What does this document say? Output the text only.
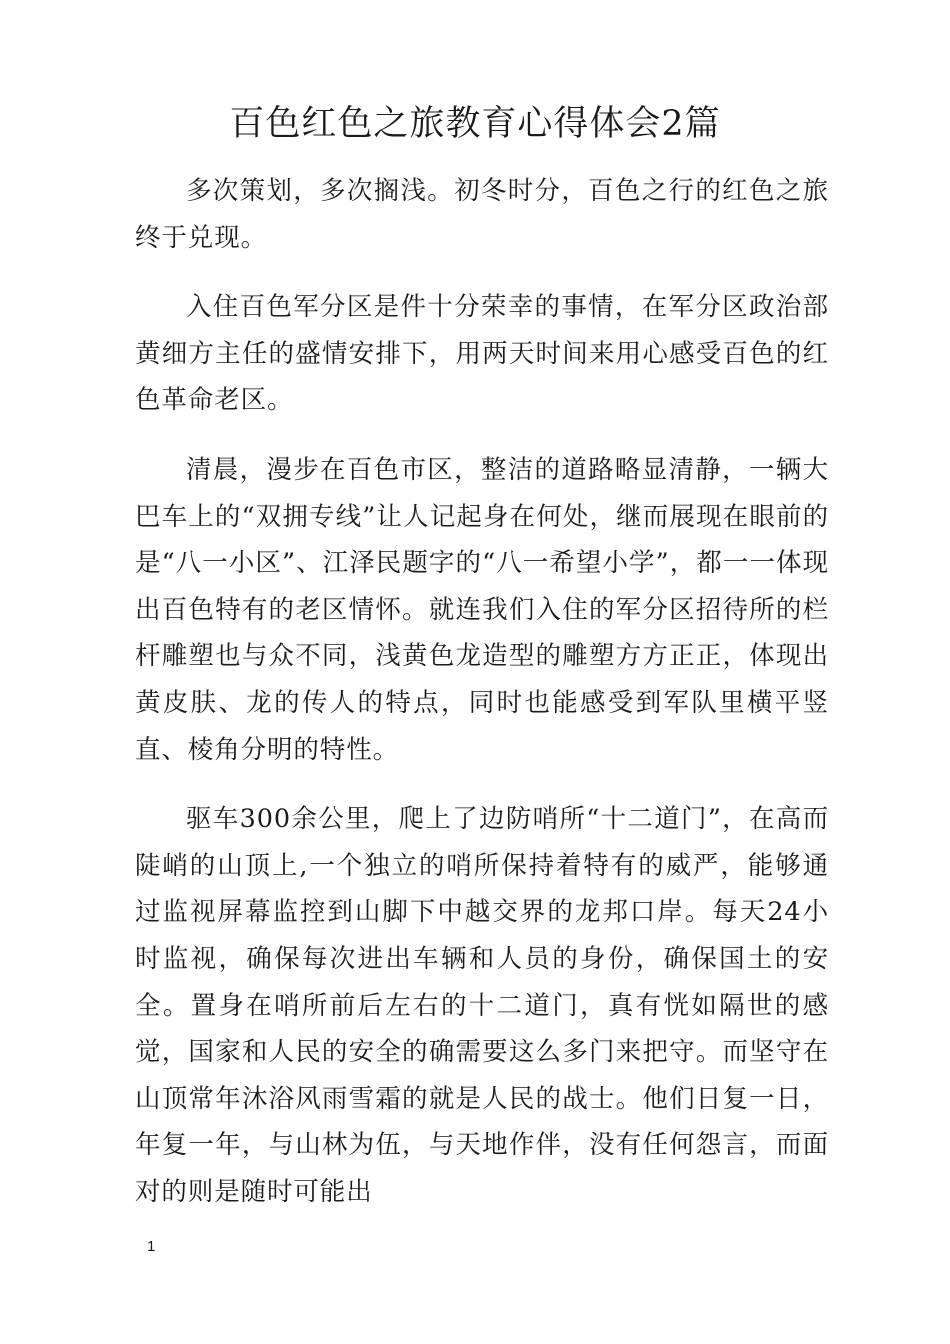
百色红色之旅教育心得体会2篇

多次策划，多次搁浅。初冬时分，百色之行的红色之旅终于兑现。

入住百色军分区是件十分荣幸的事情，在军分区政治部黄细方主任的盛情安排下，用两天时间来用心感受百色的红色革命老区。

清晨，漫步在百色市区，整洁的道路略显清静，一辆大巴车上的“双拥专线”让人记起身在何处，继而展现在眼前的是“八一小区”、江泽民题字的“八一希望小学”，都一一体现出百色特有的老区情怀。就连我们入住的军分区招待所的栏杆雕塑也与众不同，浅黄色龙造型的雕塑方方正正，体现出黄皮肤、龙的传人的特点，同时也能感受到军队里横平竖直、棱角分明的特性。

驱车300余公里，爬上了边防哨所“十二道门”，在高而陡峭的山顶上,一个独立的哨所保持着特有的威严，能够通过监视屏幕监控到山脚下中越交界的龙邦口岸。每天24小时监视，确保每次进出车辆和人员的身份，确保国土的安全。置身在哨所前后左右的十二道门，真有恍如隔世的感觉，国家和人民的安全的确需要这么多门来把守。而坚守在山顶常年沐浴风雨雪霜的就是人民的战士。他们日复一日，年复一年，与山林为伍，与天地作伴，没有任何怨言，而面对的则是随时可能出

1
